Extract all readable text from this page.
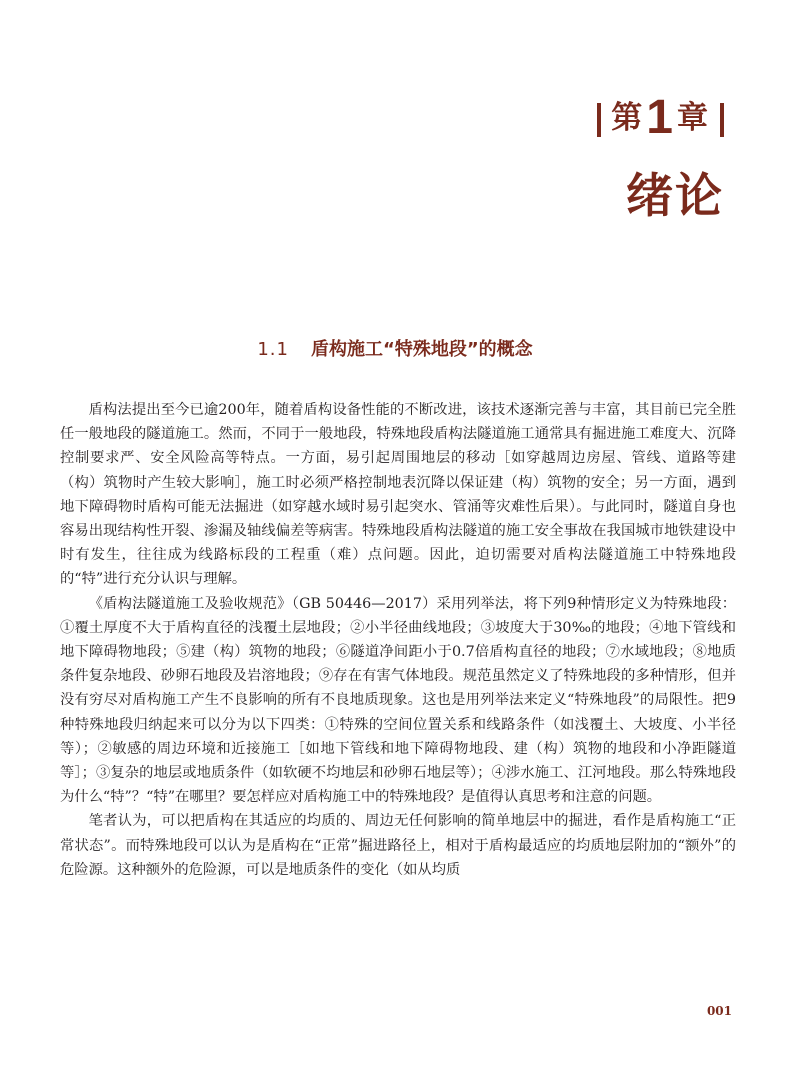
第 1 章
绪论
1.1 盾构施工“特殊地段”的概念

盾构法提出至今已逾200年，随着盾构设备性能的不断改进，该技术逐渐完善与丰富，其目前已完全胜任一般地段的隧道施工。然而，不同于一般地段，特殊地段盾构法隧道施工通常具有掘进施工难度大、沉降控制要求严、安全风险高等特点。一方面，易引起周围地层的移动［如穿越周边房屋、管线、道路等建（构）筑物时产生较大影响］，施工时必须严格控制地表沉降以保证建（构）筑物的安全；另一方面，遇到地下障碍物时盾构可能无法掘进（如穿越水域时易引起突水、管涌等灾难性后果）。与此同时，隧道自身也容易出现结构性开裂、渗漏及轴线偏差等病害。特殊地段盾构法隧道的施工安全事故在我国城市地铁建设中时有发生，往往成为线路标段的工程重（难）点问题。因此，迫切需要对盾构法隧道施工中特殊地段的“特”进行充分认识与理解。

《盾构法隧道施工及验收规范》（GB 50446—2017）采用列举法，将下列9种情形定义为特殊地段：①覆土厚度不大于盾构直径的浅覆土层地段；②小半径曲线地段；③坡度大于30‰的地段；④地下管线和地下障碍物地段；⑤建（构）筑物的地段；⑥隧道净间距小于0.7倍盾构直径的地段；⑦水域地段；⑧地质条件复杂地段、砂卵石地段及岩溶地段；⑨存在有害气体地段。规范虽然定义了特殊地段的多种情形，但并没有穷尽对盾构施工产生不良影响的所有不良地质现象。这也是用列举法来定义“特殊地段”的局限性。把9种特殊地段归纳起来可以分为以下四类：①特殊的空间位置关系和线路条件（如浅覆土、大坡度、小半径等）；②敏感的周边环境和近接施工［如地下管线和地下障碍物地段、建（构）筑物的地段和小净距隧道等］；③复杂的地层或地质条件（如软硬不均地层和砂卵石地层等）；④涉水施工、江河地段。那么特殊地段为什么“特”？“特”在哪里？要怎样应对盾构施工中的特殊地段？是值得认真思考和注意的问题。

笔者认为，可以把盾构在其适应的均质的、周边无任何影响的简单地层中的掘进，看作是盾构施工“正常状态”。而特殊地段可以认为是盾构在“正常”掘进路径上，相对于盾构最适应的均质地层附加的“额外”的危险源。这种额外的危险源，可以是地质条件的变化（如从均质

001
